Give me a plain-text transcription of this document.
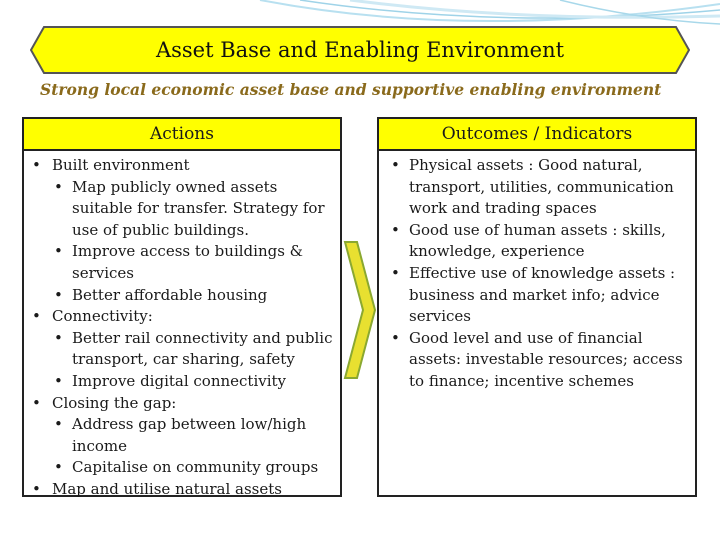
Asset Base and Enabling Environment
Strong local economic asset base and supportive enabling environment
Actions
• Built environment
• Map publicly owned assets suitable for transfer. Strategy for use of public buildings.
• Improve access to buildings & services
• Better affordable housing
• Connectivity:
• Better rail connectivity and public transport, car sharing, safety
• Improve digital connectivity
• Closing the gap:
• Address gap between low/high income
• Capitalise on community groups
• Map and utilise natural assets
Outcomes / Indicators
• Physical assets : Good natural, transport, utilities, communication work and trading spaces
• Good use of human assets : skills, knowledge, experience
• Effective use of knowledge assets : business and market info; advice services
• Good level and use of financial assets: investable resources; access to finance; incentive schemes
